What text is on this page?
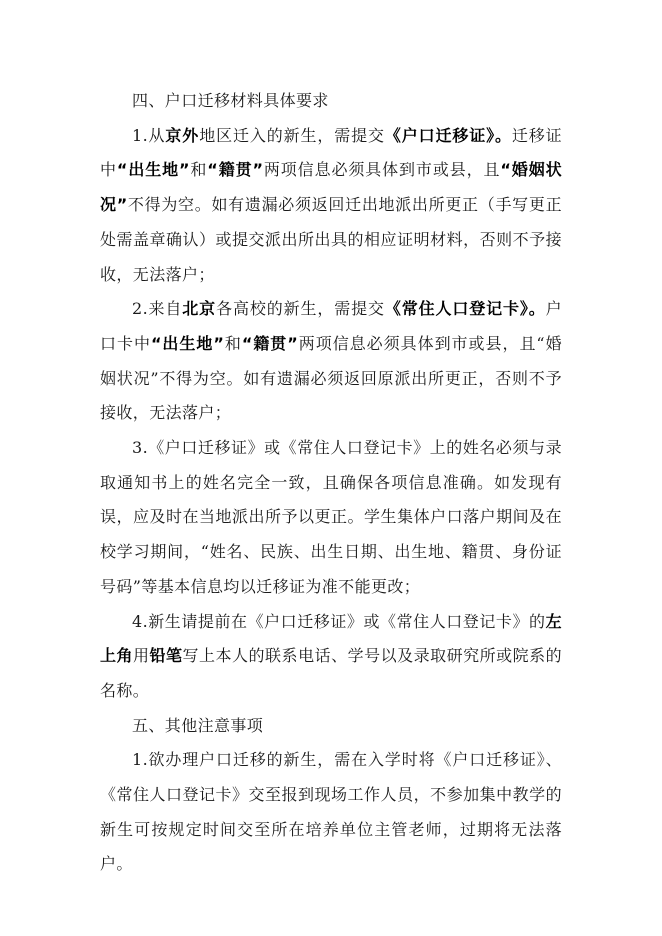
四、户口迁移材料具体要求

1.从京外地区迁入的新生，需提交《户口迁移证》。迁移证中“出生地”和“籍贯”两项信息必须具体到市或县，且“婚姻状况”不得为空。如有遗漏必须返回迁出地派出所更正（手写更正处需盖章确认）或提交派出所出具的相应证明材料，否则不予接收，无法落户；

2.来自北京各高校的新生，需提交《常住人口登记卡》。户口卡中“出生地”和“籍贯”两项信息必须具体到市或县，且“婚姻状况”不得为空。如有遗漏必须返回原派出所更正，否则不予接收，无法落户；

3.《户口迁移证》或《常住人口登记卡》上的姓名必须与录取通知书上的姓名完全一致，且确保各项信息准确。如发现有误，应及时在当地派出所予以更正。学生集体户口落户期间及在校学习期间，“姓名、民族、出生日期、出生地、籍贯、身份证号码”等基本信息均以迁移证为准不能更改；

4.新生请提前在《户口迁移证》或《常住人口登记卡》的左上角用铅笔写上本人的联系电话、学号以及录取研究所或院系的名称。

五、其他注意事项

1.欲办理户口迁移的新生，需在入学时将《户口迁移证》、《常住人口登记卡》交至报到现场工作人员，不参加集中教学的新生可按规定时间交至所在培养单位主管老师，过期将无法落户。
